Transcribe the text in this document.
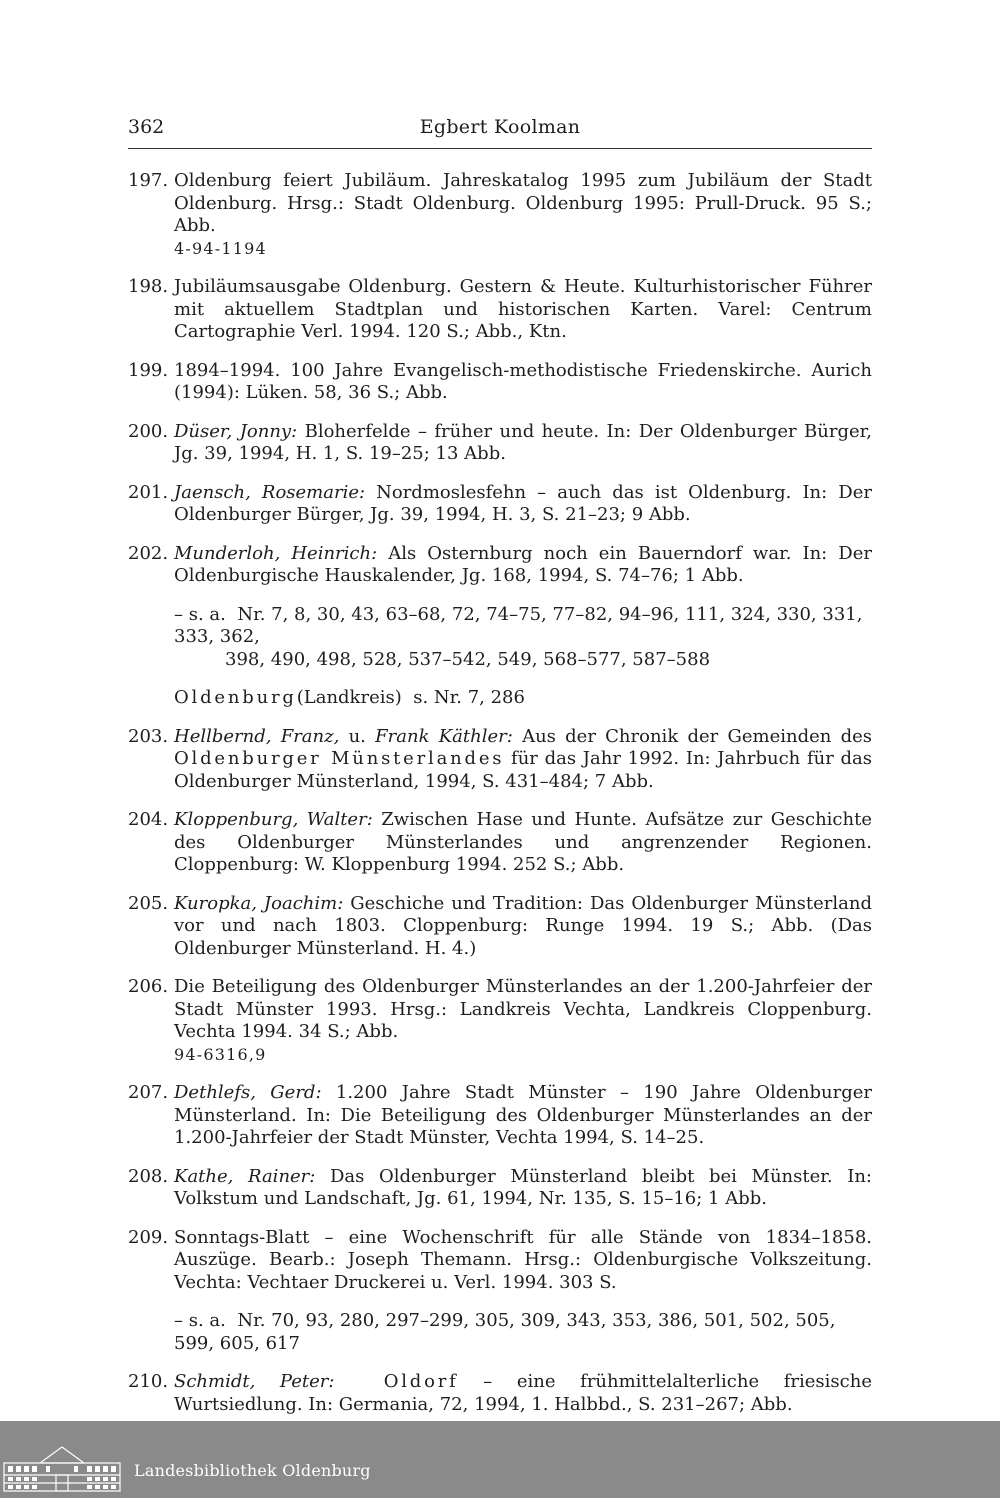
362	Egbert Koolman
197. Oldenburg feiert Jubiläum. Jahreskatalog 1995 zum Jubiläum der Stadt Oldenburg. Hrsg.: Stadt Oldenburg. Oldenburg 1995: Prull-Druck. 95 S.; Abb.
4-94-1194
198. Jubiläumsausgabe Oldenburg. Gestern & Heute. Kulturhistorischer Führer mit aktuellem Stadtplan und historischen Karten. Varel: Centrum Cartographie Verl. 1994. 120 S.; Abb., Ktn.
199. 1894–1994. 100 Jahre Evangelisch-methodistische Friedenskirche. Aurich (1994): Lüken. 58, 36 S.; Abb.
200. Düser, Jonny: Bloherfelde – früher und heute. In: Der Oldenburger Bürger, Jg. 39, 1994, H. 1, S. 19–25; 13 Abb.
201. Jaensch, Rosemarie: Nordmoslesfehn – auch das ist Oldenburg. In: Der Oldenburger Bürger, Jg. 39, 1994, H. 3, S. 21–23; 9 Abb.
202. Munderloh, Heinrich: Als Osternburg noch ein Bauerndorf war. In: Der Oldenburgische Hauskalender, Jg. 168, 1994, S. 74–76; 1 Abb.
– s. a. Nr. 7, 8, 30, 43, 63–68, 72, 74–75, 77–82, 94–96, 111, 324, 330, 331, 333, 362,
398, 490, 498, 528, 537–542, 549, 568–577, 587–588
Oldenburg(Landkreis) s. Nr. 7, 286
203. Hellbernd, Franz, u. Frank Käthler: Aus der Chronik der Gemeinden des Oldenburger Münsterlandes für das Jahr 1992. In: Jahrbuch für das Oldenburger Münsterland, 1994, S. 431–484; 7 Abb.
204. Kloppenburg, Walter: Zwischen Hase und Hunte. Aufsätze zur Geschichte des Oldenburger Münsterlandes und angrenzender Regionen. Cloppenburg: W. Kloppenburg 1994. 252 S.; Abb.
205. Kuropka, Joachim: Geschiche und Tradition: Das Oldenburger Münsterland vor und nach 1803. Cloppenburg: Runge 1994. 19 S.; Abb. (Das Oldenburger Münsterland. H. 4.)
206. Die Beteiligung des Oldenburger Münsterlandes an der 1.200-Jahrfeier der Stadt Münster 1993. Hrsg.: Landkreis Vechta, Landkreis Cloppenburg. Vechta 1994. 34 S.; Abb.
94-6316,9
207. Dethlefs, Gerd: 1.200 Jahre Stadt Münster – 190 Jahre Oldenburger Münsterland. In: Die Beteiligung des Oldenburger Münsterlandes an der 1.200-Jahrfeier der Stadt Münster, Vechta 1994, S. 14–25.
208. Kathe, Rainer: Das Oldenburger Münsterland bleibt bei Münster. In: Volkstum und Landschaft, Jg. 61, 1994, Nr. 135, S. 15–16; 1 Abb.
209. Sonntags-Blatt – eine Wochenschrift für alle Stände von 1834–1858. Auszüge. Bearb.: Joseph Themann. Hrsg.: Oldenburgische Volkszeitung. Vechta: Vechtaer Druckerei u. Verl. 1994. 303 S.
– s. a. Nr. 70, 93, 280, 297–299, 305, 309, 343, 353, 386, 501, 502, 505, 599, 605, 617
210. Schmidt, Peter:	Oldorf – eine frühmittelalterliche friesische Wurtsiedlung. In: Germania, 72, 1994, 1. Halbbd., S. 231–267; Abb.
Landesbibliothek Oldenburg
